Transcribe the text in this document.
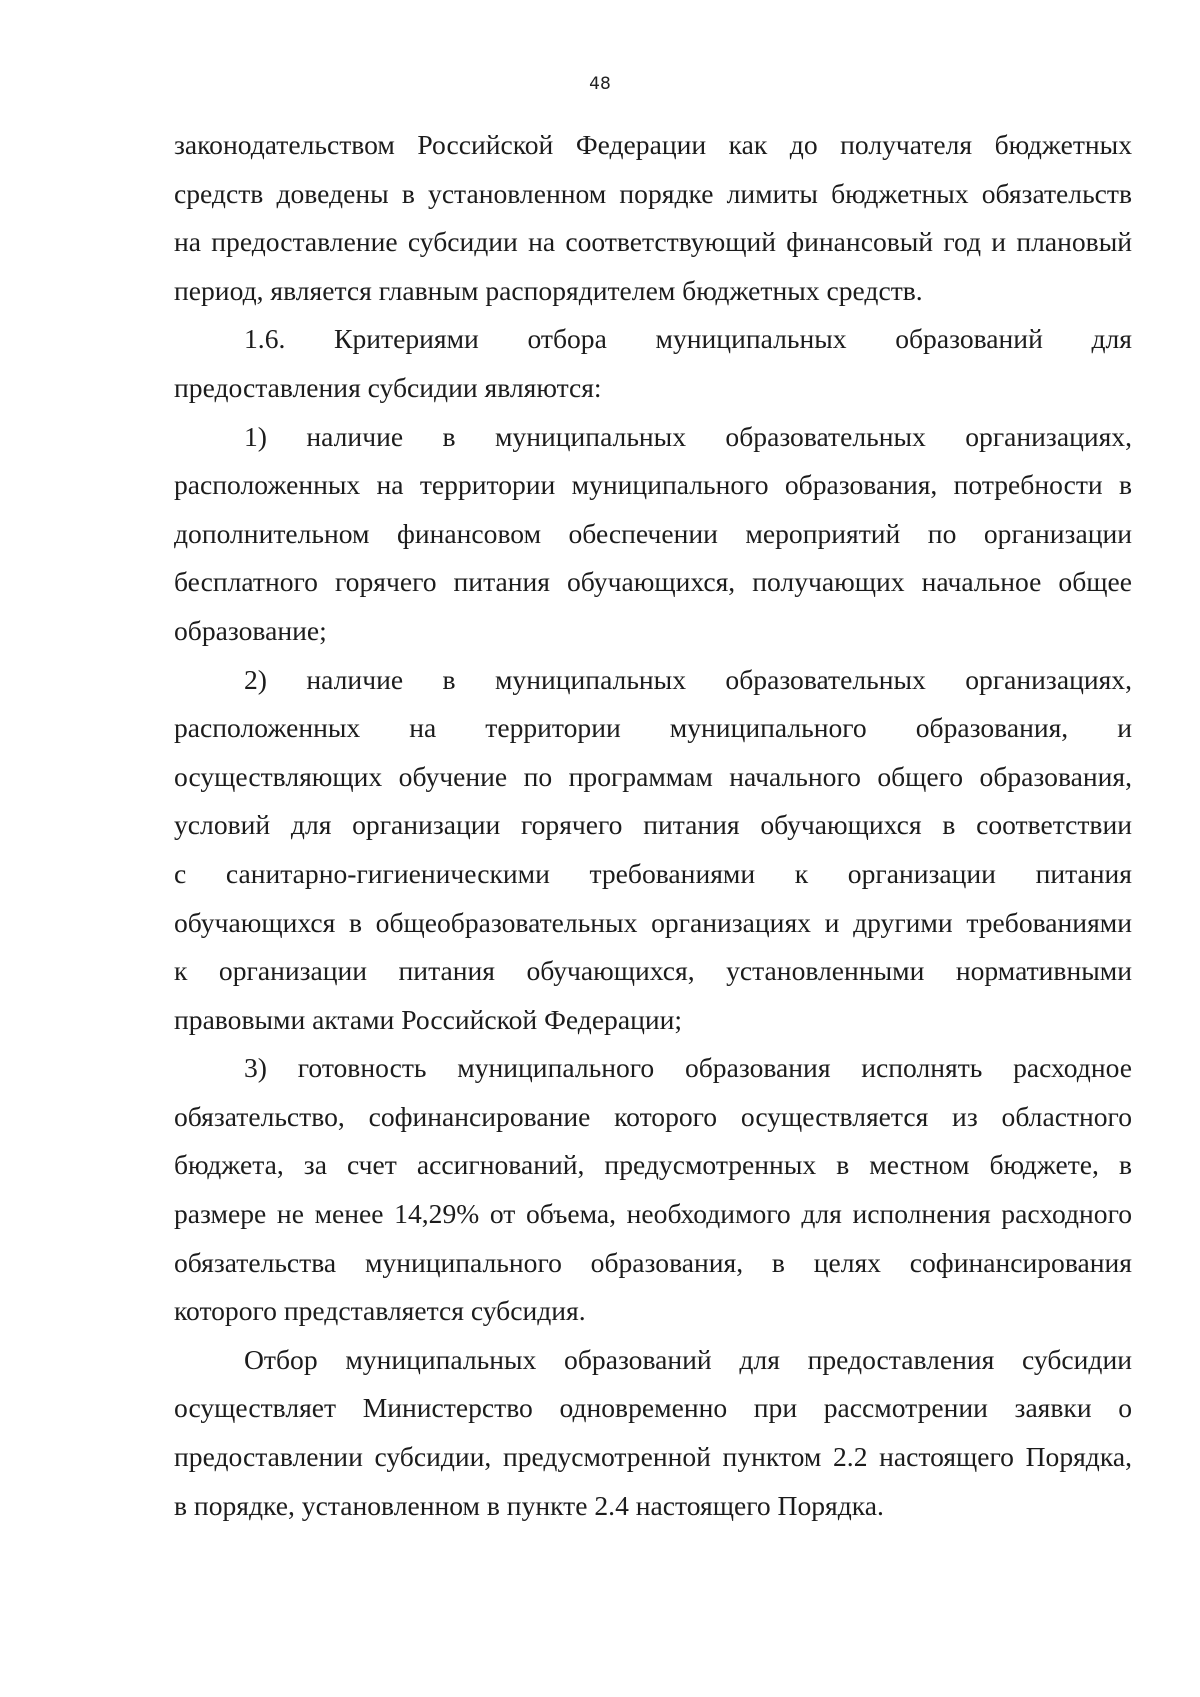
48

законодательством Российской Федерации как до получателя бюджетных
средств доведены в установленном порядке лимиты бюджетных обязательств
на предоставление субсидии на соответствующий финансовый год и плановый
период, является главным распорядителем бюджетных средств.

1.6. Критериями отбора муниципальных образований для
предоставления субсидии являются:

1) наличие в муниципальных образовательных организациях,
расположенных на территории муниципального образования, потребности в
дополнительном финансовом обеспечении мероприятий по организации
бесплатного горячего питания обучающихся, получающих начальное общее
образование;

2) наличие в муниципальных образовательных организациях,
расположенных на территории муниципального образования, и
осуществляющих обучение по программам начального общего образования,
условий для организации горячего питания обучающихся в соответствии
с санитарно-гигиеническими требованиями к организации питания
обучающихся в общеобразовательных организациях и другими требованиями
к организации питания обучающихся, установленными нормативными
правовыми актами Российской Федерации;

3) готовность муниципального образования исполнять расходное
обязательство, софинансирование которого осуществляется из областного
бюджета, за счет ассигнований, предусмотренных в местном бюджете, в
размере не менее 14,29% от объема, необходимого для исполнения расходного
обязательства муниципального образования, в целях софинансирования
которого представляется субсидия.

Отбор муниципальных образований для предоставления субсидии
осуществляет Министерство одновременно при рассмотрении заявки о
предоставлении субсидии, предусмотренной пунктом 2.2 настоящего Порядка,
в порядке, установленном в пункте 2.4 настоящего Порядка.
